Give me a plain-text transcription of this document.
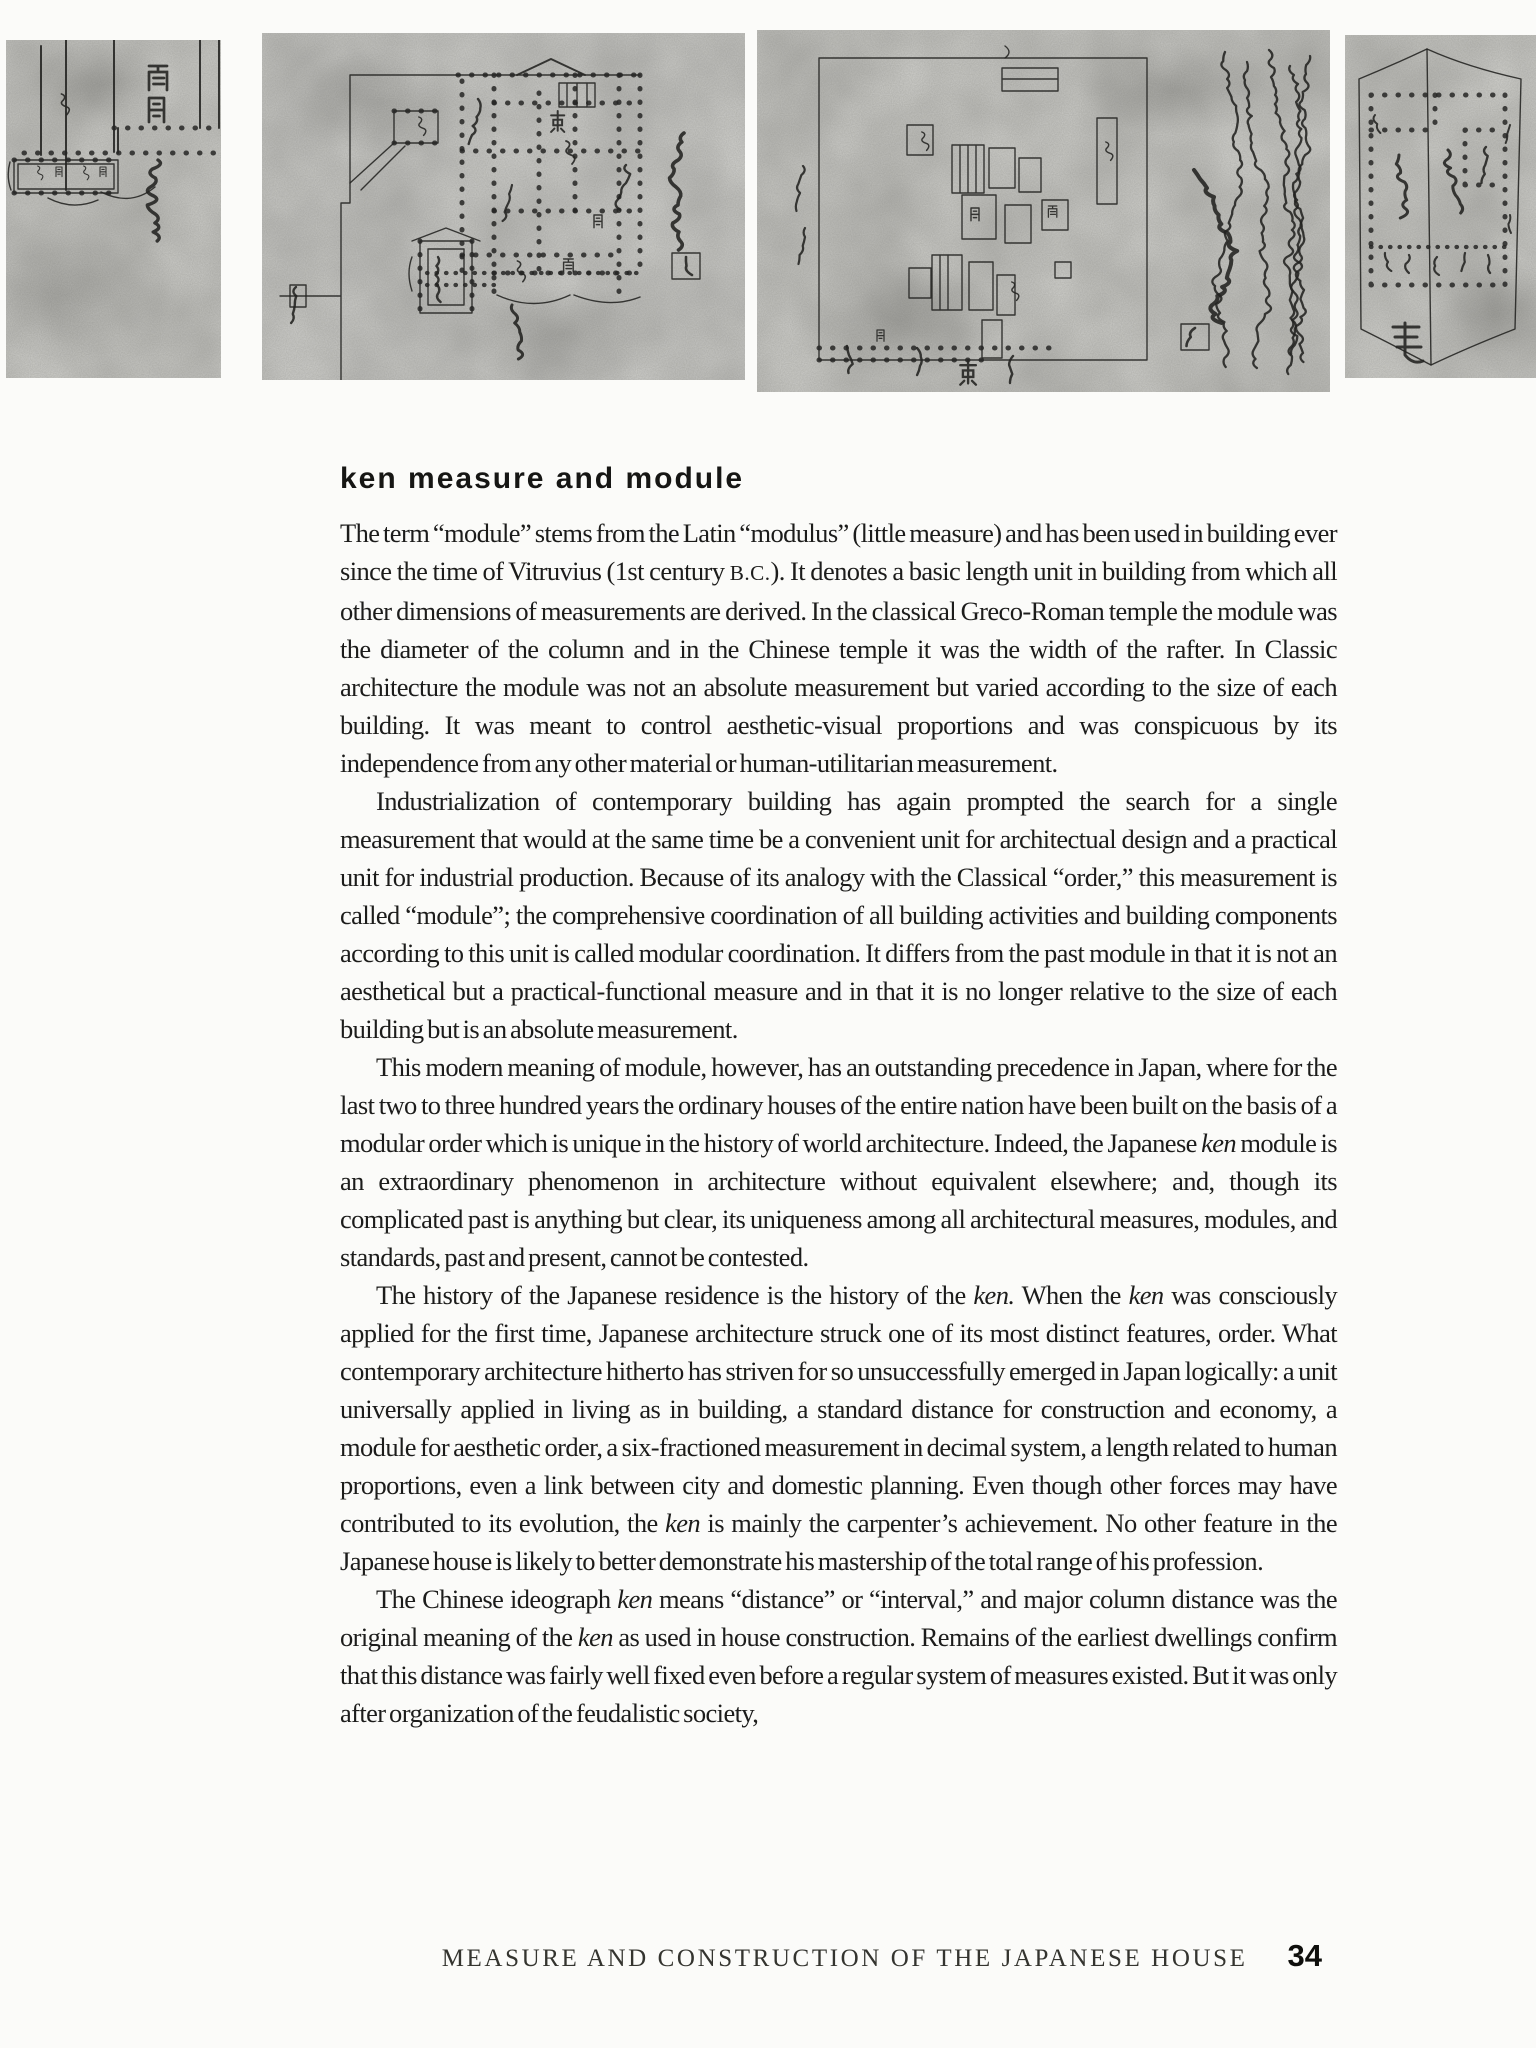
ken measure and module

The term “module” stems from the Latin “modulus” (little measure) and has been used in building ever since the time of Vitruvius (1st century B.C.). It denotes a basic length unit in building from which all other dimensions of measurements are derived. In the classical Greco-Roman temple the module was the diameter of the column and in the Chinese temple it was the width of the rafter. In Classic architecture the module was not an absolute measurement but varied according to the size of each building. It was meant to control aesthetic-visual proportions and was conspicuous by its independence from any other material or human-utilitarian measurement.

Industrialization of contemporary building has again prompted the search for a single measurement that would at the same time be a convenient unit for architectual design and a practical unit for industrial production. Because of its analogy with the Classical “order,” this measurement is called “module”; the comprehensive coordination of all building activities and building components according to this unit is called modular coordination. It differs from the past module in that it is not an aesthetical but a practical-functional measure and in that it is no longer relative to the size of each building but is an absolute measurement.

This modern meaning of module, however, has an outstanding precedence in Japan, where for the last two to three hundred years the ordinary houses of the entire nation have been built on the basis of a modular order which is unique in the history of world architecture. Indeed, the Japanese ken module is an extraordinary phenomenon in architecture without equivalent elsewhere; and, though its complicated past is anything but clear, its uniqueness among all architectural measures, modules, and standards, past and present, cannot be contested.

The history of the Japanese residence is the history of the ken. When the ken was consciously applied for the first time, Japanese architecture struck one of its most distinct features, order. What contemporary architecture hitherto has striven for so unsuccessfully emerged in Japan logically: a unit universally applied in living as in building, a standard distance for construction and economy, a module for aesthetic order, a six-fractioned measurement in decimal system, a length related to human proportions, even a link between city and domestic planning. Even though other forces may have contributed to its evolution, the ken is mainly the carpenter’s achievement. No other feature in the Japanese house is likely to better demonstrate his mastership of the total range of his profession.

The Chinese ideograph ken means “distance” or “interval,” and major column distance was the original meaning of the ken as used in house construction. Remains of the earliest dwellings confirm that this distance was fairly well fixed even before a regular system of measures existed. But it was only after organization of the feudalistic society,

MEASURE AND CONSTRUCTION OF THE JAPANESE HOUSE 34
